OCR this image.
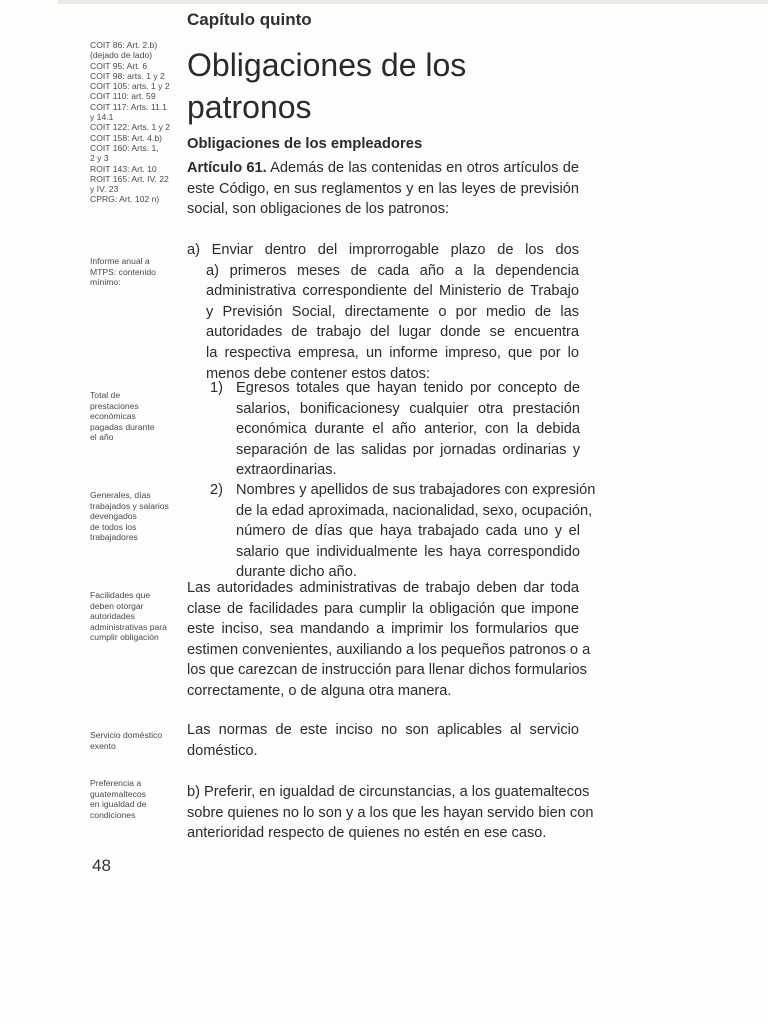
Capítulo quinto
Obligaciones de los
patronos
COIT 86: Art. 2.b)
(dejado de lado)
COIT 95: Art. 6
COIT 98: arts. 1 y 2
COIT 105: arts. 1 y 2
COIT 110: art. 59
COIT 117: Arts. 11.1
y 14.1
COIT 122: Arts. 1 y 2
COIT 158: Art. 4.b)
COIT 160: Arts. 1,
2 y 3
ROIT 143: Art. 10
ROIT 165: Art. IV. 22
y IV. 23
CPRG: Art. 102 n)
Obligaciones de los empleadores
Artículo 61. Además de las contenidas en otros artículos de
este Código, en sus reglamentos y en las leyes de previsión
social, son obligaciones de los patronos:
Informe anual a
MTPS: contenido
mínimo:
a) Enviar dentro del improrrogable plazo de los dos
a) primeros meses de cada año a la dependencia
administrativa correspondiente del Ministerio de Trabajo
y Previsión Social, directamente o por medio de las
autoridades de trabajo del lugar donde se encuentra
la respectiva empresa, un informe impreso, que por lo
menos debe contener estos datos:
Total de
prestaciones
económicas
pagadas durante
el año
1) Egresos totales que hayan tenido por concepto de
salarios, bonificacionesy cualquier otra prestación
económica durante el año anterior, con la debida
separación de las salidas por jornadas ordinarias y
extraordinarias.
Generales, días
trabajados y salarios
devengados
de todos los
trabajadores
2) Nombres y apellidos de sus trabajadores con expresión
de la edad aproximada, nacionalidad, sexo, ocupación,
número de días que haya trabajado cada uno y el
salario que individualmente les haya correspondido
durante dicho año.
Facilidades que
deben otorgar
autoridades
administrativas para
cumplir obligación
Las autoridades administrativas de trabajo deben dar toda
clase de facilidades para cumplir la obligación que impone
este inciso, sea mandando a imprimir los formularios que
estimen convenientes, auxiliando a los pequeños patronos o a
los que carezcan de instrucción para llenar dichos formularios
correctamente, o de alguna otra manera.
Servicio doméstico
exento
Las normas de este inciso no son aplicables al servicio
doméstico.
Preferencia a
guatemaltecos
en igualdad de
condiciones
b) Preferir, en igualdad de circunstancias, a los guatemaltecos
sobre quienes no lo son y a los que les hayan servido bien con
anterioridad respecto de quienes no estén en ese caso.
48
